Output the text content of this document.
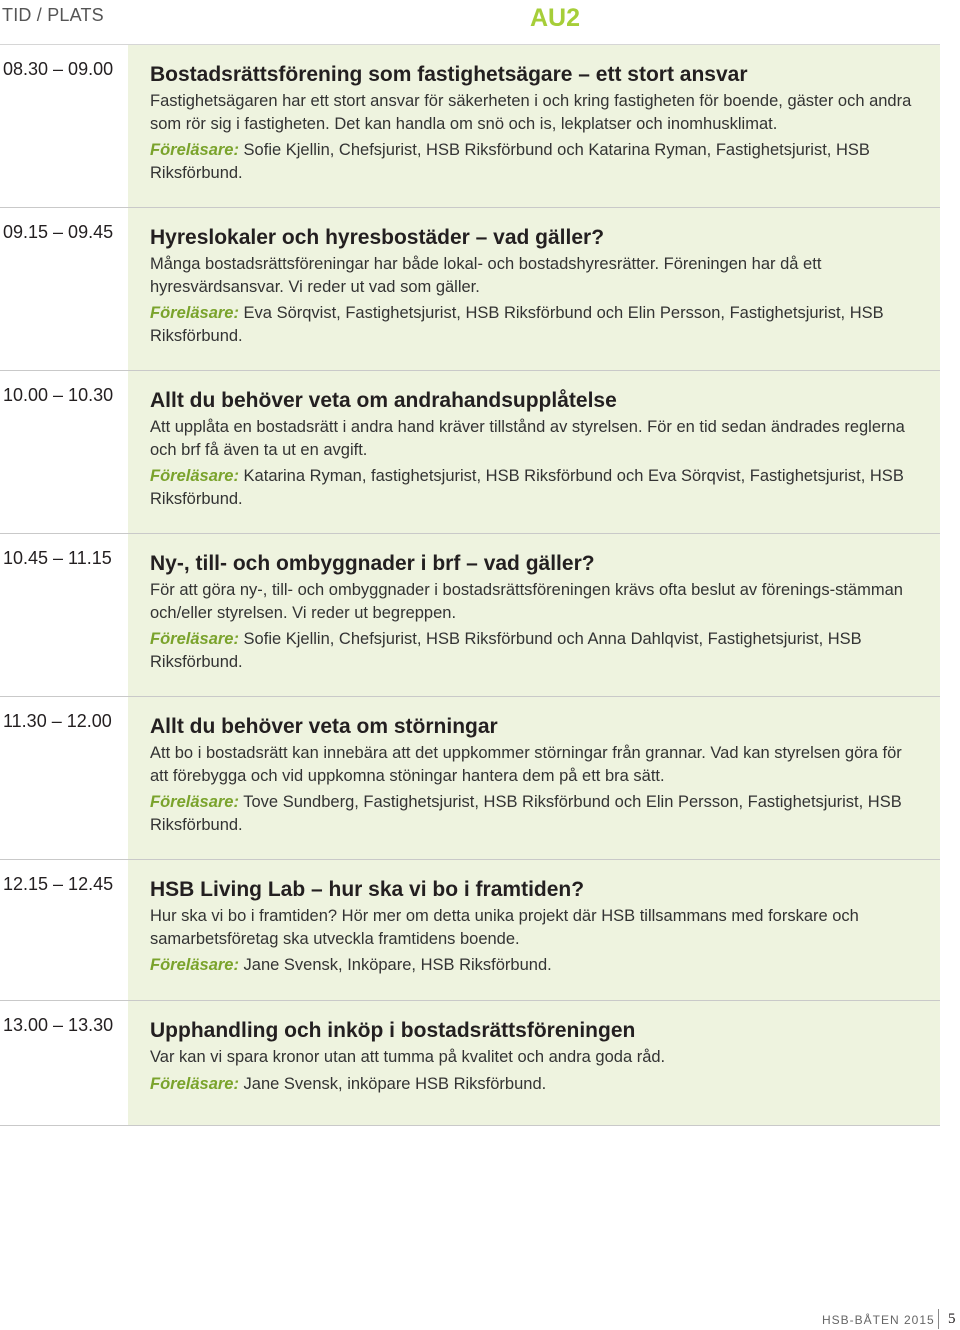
TID / PLATS	AU2
08.30 – 09.00	Bostadsrättsförening som fastighetsägare – ett stort ansvar

Fastighetsägaren har ett stort ansvar för säkerheten i och kring fastigheten för boende, gäster och andra som rör sig i fastigheten. Det kan handla om snö och is, lekplatser och inomhusklimat.

Föreläsare: Sofie Kjellin, Chefsjurist, HSB Riksförbund och Katarina Ryman, Fastighetsjurist, HSB Riksförbund.

09.15 – 09.45	Hyreslokaler och hyresbostäder – vad gäller?

Många bostadsrättsföreningar har både lokal- och bostadshyresrätter. Föreningen har då ett hyresvärdsansvar. Vi reder ut vad som gäller.

Föreläsare: Eva Sörqvist, Fastighetsjurist, HSB Riksförbund och Elin Persson, Fastighetsjurist, HSB Riksförbund.

10.00 – 10.30	Allt du behöver veta om andrahandsupplåtelse

Att upplåta en bostadsrätt i andra hand kräver tillstånd av styrelsen. För en tid sedan ändrades reglerna och brf få även ta ut en avgift.

Föreläsare: Katarina Ryman, fastighetsjurist, HSB Riksförbund och Eva Sörqvist, Fastighetsjurist, HSB Riksförbund.

10.45 – 11.15	Ny-, till- och ombyggnader i brf – vad gäller?

För att göra ny-, till- och ombyggnader i bostadsrättsföreningen krävs ofta beslut av förenings-stämman och/eller styrelsen. Vi reder ut begreppen.

Föreläsare: Sofie Kjellin, Chefsjurist, HSB Riksförbund och Anna Dahlqvist, Fastighetsjurist, HSB Riksförbund.

11.30 – 12.00	Allt du behöver veta om störningar

Att bo i bostadsrätt kan innebära att det uppkommer störningar från grannar. Vad kan styrelsen göra för att förebygga och vid uppkomna stöningar hantera dem på ett bra sätt.

Föreläsare: Tove Sundberg, Fastighetsjurist, HSB Riksförbund och Elin Persson, Fastighetsjurist, HSB Riksförbund.

12.15 – 12.45	HSB Living Lab – hur ska vi bo i framtiden?

Hur ska vi bo i framtiden? Hör mer om detta unika projekt där HSB tillsammans med forskare och samarbetsföretag ska utveckla framtidens boende.

Föreläsare: Jane Svensk, Inköpare, HSB Riksförbund.

13.00 – 13.30	Upphandling och inköp i bostadsrättsföreningen

Var kan vi spara kronor utan att tumma på kvalitet och andra goda råd.

Föreläsare: Jane Svensk, inköpare HSB Riksförbund.

HSB-BÅTEN 2015 5
